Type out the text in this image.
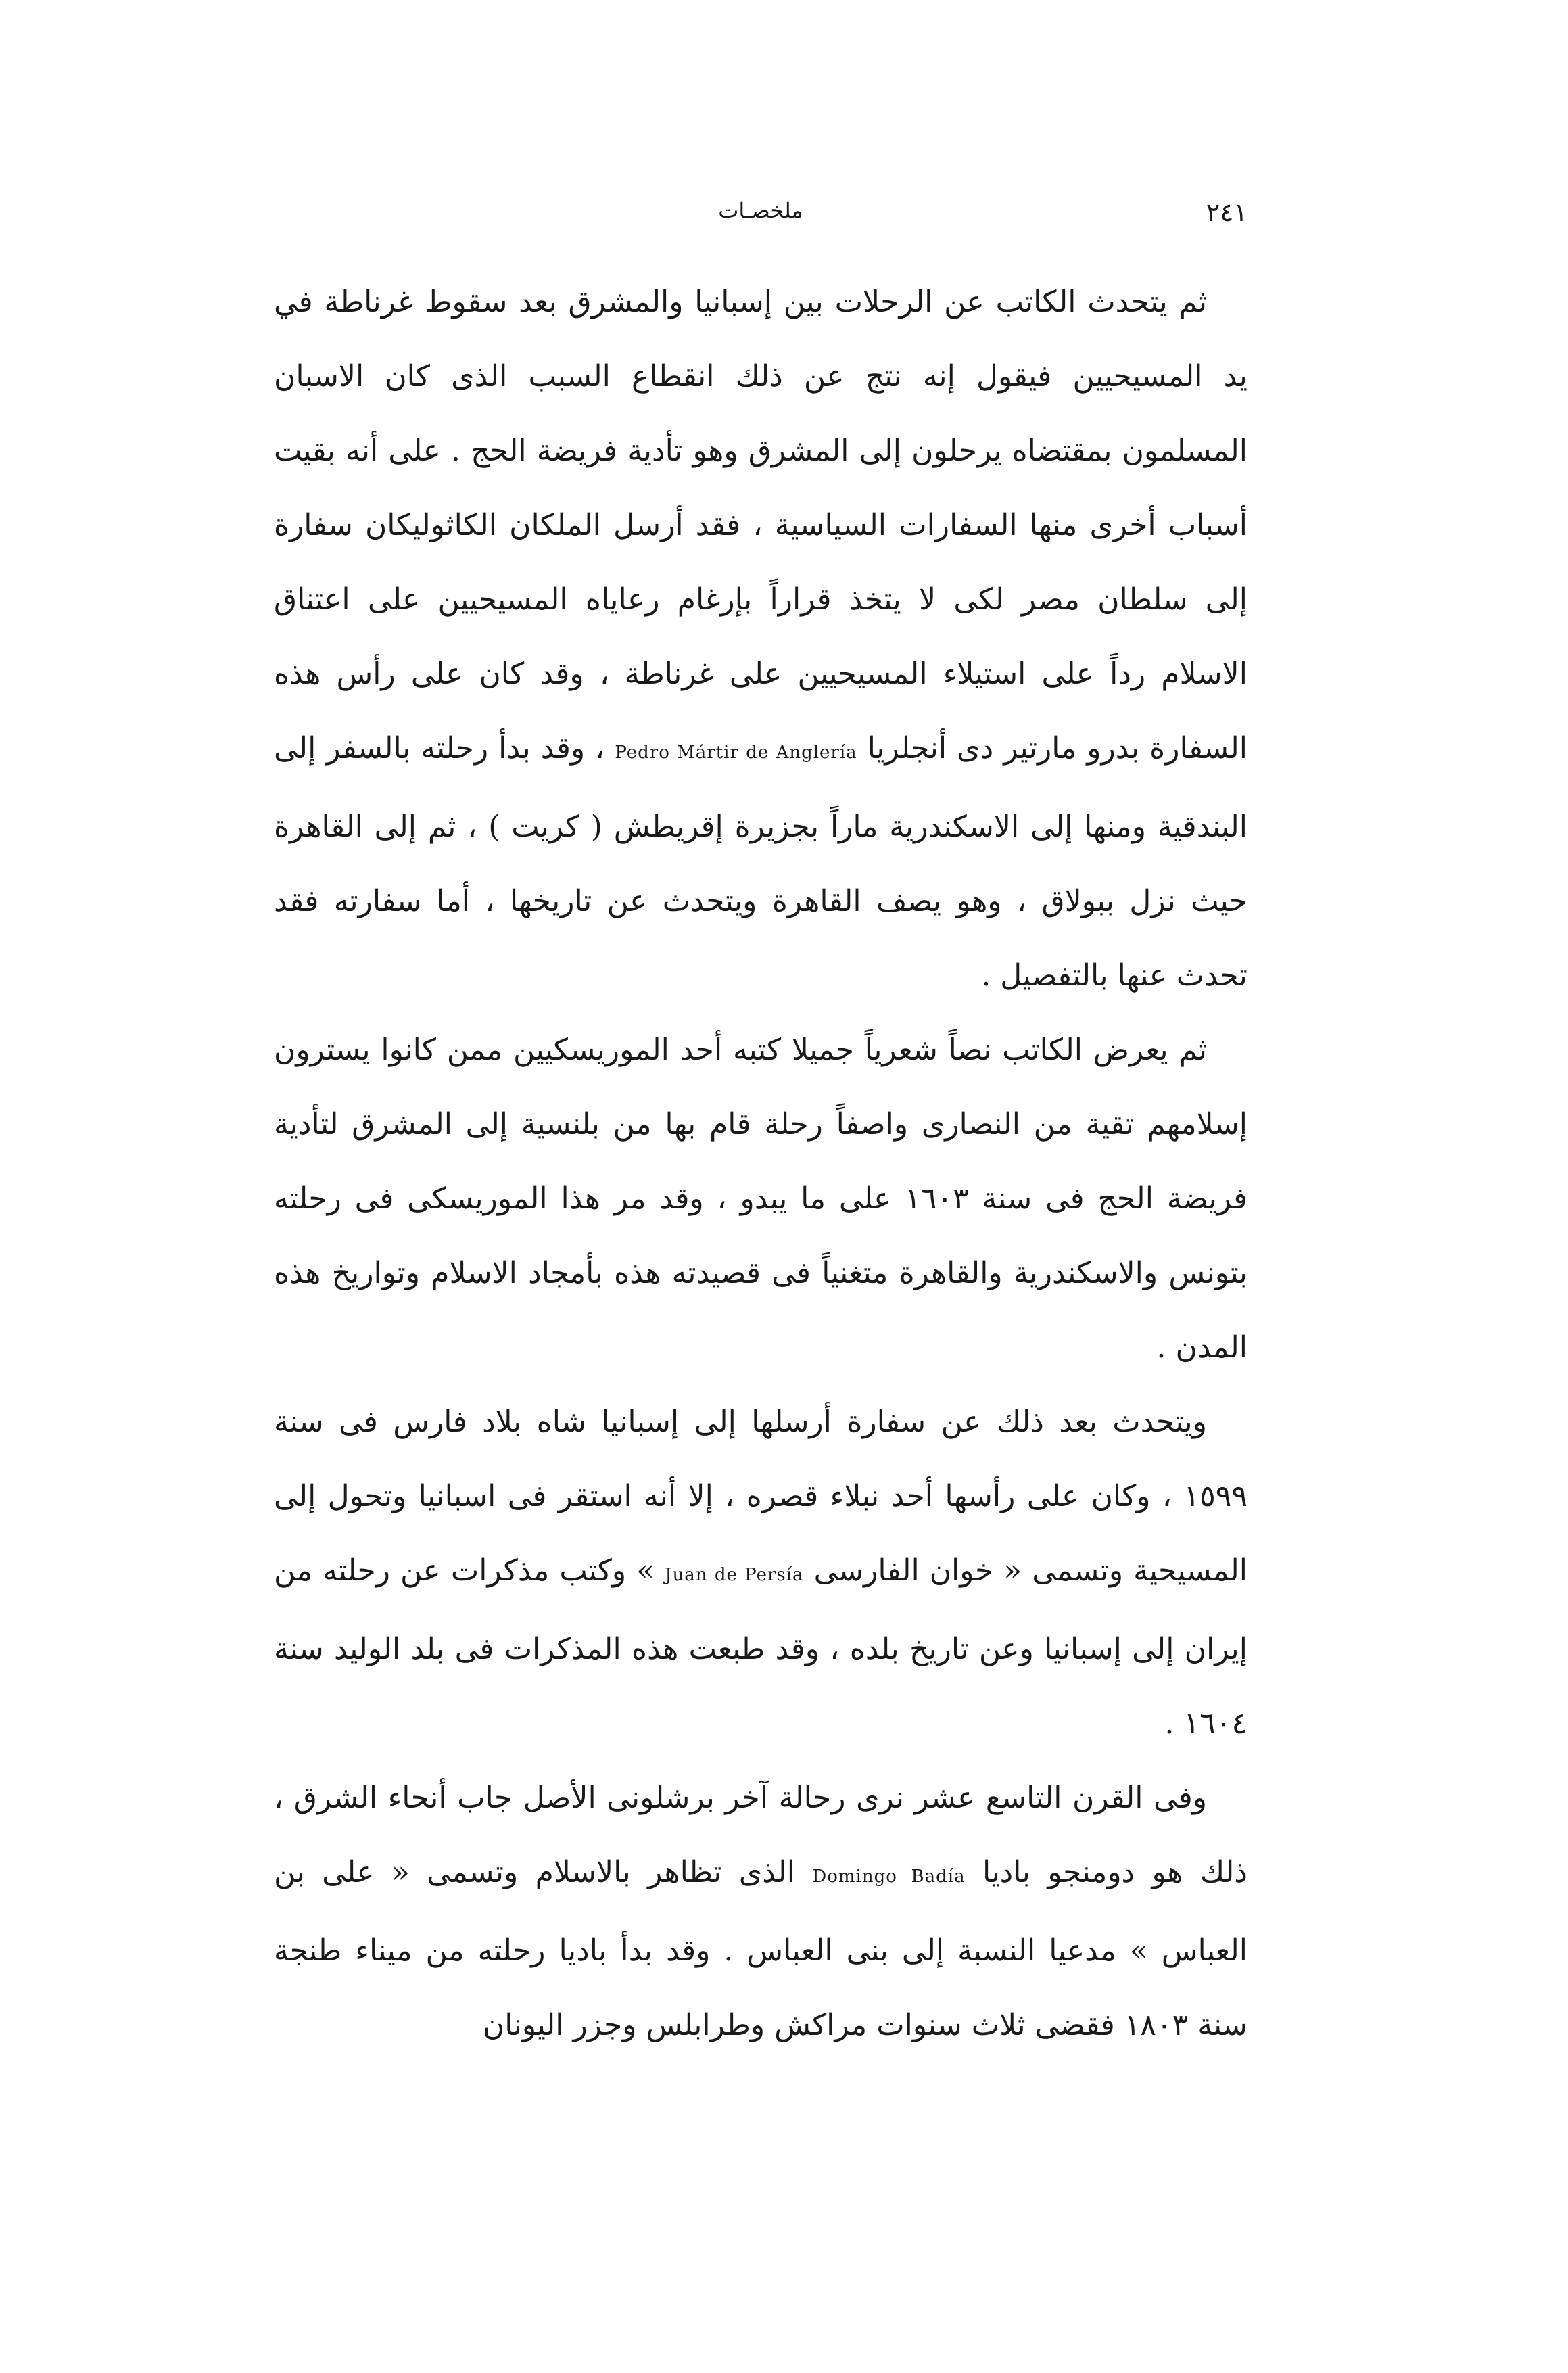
٢٤١
ملخصـات

ثم يتحدث الكاتب عن الرحلات بين إسبانيا والمشرق بعد سقوط غرناطة في يد المسيحيين فيقول إنه نتج عن ذلك انقطاع السبب الذى كان الاسبان المسلمون بمقتضاه يرحلون إلى المشرق وهو تأدية فريضة الحج . على أنه بقيت أسباب أخرى منها السفارات السياسية ، فقد أرسل الملكان الكاثوليكان سفارة إلى سلطان مصر لكى لا يتخذ قراراً بإرغام رعاياه المسيحيين على اعتناق الاسلام رداً على استيلاء المسيحيين على غرناطة ، وقد كان على رأس هذه السفارة بدرو مارتير دى أنجلريا Pedro Mártir de Anglería ، وقد بدأ رحلته بالسفر إلى البندقية ومنها إلى الاسكندرية ماراً بجزيرة إقريطش ( كريت ) ، ثم إلى القاهرة حيث نزل ببولاق ، وهو يصف القاهرة ويتحدث عن تاريخها ، أما سفارته فقد تحدث عنها بالتفصيل .

ثم يعرض الكاتب نصاً شعرياً جميلا كتبه أحد الموريسكيين ممن كانوا يسترون إسلامهم تقية من النصارى واصفاً رحلة قام بها من بلنسية إلى المشرق لتأدية فريضة الحج فى سنة ١٦٠٣ على ما يبدو ، وقد مر هذا الموريسكى فى رحلته بتونس والاسكندرية والقاهرة متغنياً فى قصيدته هذه بأمجاد الاسلام وتواريخ هذه المدن .

ويتحدث بعد ذلك عن سفارة أرسلها إلى إسبانيا شاه بلاد فارس فى سنة ١٥٩٩ ، وكان على رأسها أحد نبلاء قصره ، إلا أنه استقر فى اسبانيا وتحول إلى المسيحية وتسمى « خوان الفارسى Juan de Persía » وكتب مذكرات عن رحلته من إيران إلى إسبانيا وعن تاريخ بلده ، وقد طبعت هذه المذكرات فى بلد الوليد سنة ١٦٠٤ .

وفى القرن التاسع عشر نرى رحالة آخر برشلونى الأصل جاب أنحاء الشرق ، ذلك هو دومنجو باديا Domingo Badía الذى تظاهر بالاسلام وتسمى « على بن العباس » مدعيا النسبة إلى بنى العباس . وقد بدأ باديا رحلته من ميناء طنجة سنة ١٨٠٣ فقضى ثلاث سنوات مراكش وطرابلس وجزر اليونان
